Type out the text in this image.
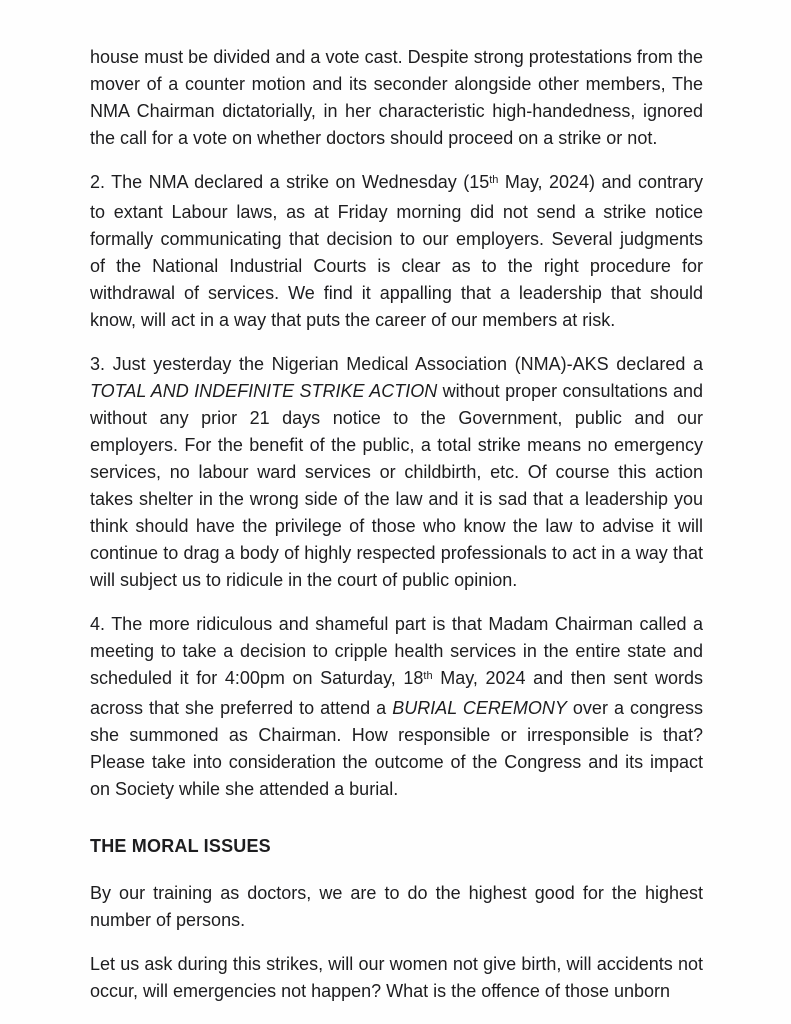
house must be divided and a vote cast. Despite strong protestations from the mover of a counter motion and its seconder alongside other members, The NMA Chairman dictatorially, in her characteristic high-handedness, ignored the call for a vote on whether doctors should proceed on a strike or not.

2. The NMA declared a strike on Wednesday (15th May, 2024) and contrary to extant Labour laws, as at Friday morning did not send a strike notice formally communicating that decision to our employers. Several judgments of the National Industrial Courts is clear as to the right procedure for withdrawal of services. We find it appalling that a leadership that should know, will act in a way that puts the career of our members at risk.

3. Just yesterday the Nigerian Medical Association (NMA)-AKS declared a TOTAL AND INDEFINITE STRIKE ACTION without proper consultations and without any prior 21 days notice to the Government, public and our employers. For the benefit of the public, a total strike means no emergency services, no labour ward services or childbirth, etc. Of course this action takes shelter in the wrong side of the law and it is sad that a leadership you think should have the privilege of those who know the law to advise it will continue to drag a body of highly respected professionals to act in a way that will subject us to ridicule in the court of public opinion.

4. The more ridiculous and shameful part is that Madam Chairman called a meeting to take a decision to cripple health services in the entire state and scheduled it for 4:00pm on Saturday, 18th May, 2024 and then sent words across that she preferred to attend a BURIAL CEREMONY over a congress she summoned as Chairman. How responsible or irresponsible is that? Please take into consideration the outcome of the Congress and its impact on Society while she attended a burial.

THE MORAL ISSUES

By our training as doctors, we are to do the highest good for the highest number of persons.

Let us ask during this strikes, will our women not give birth, will accidents not occur, will emergencies not happen? What is the offence of those unborn
